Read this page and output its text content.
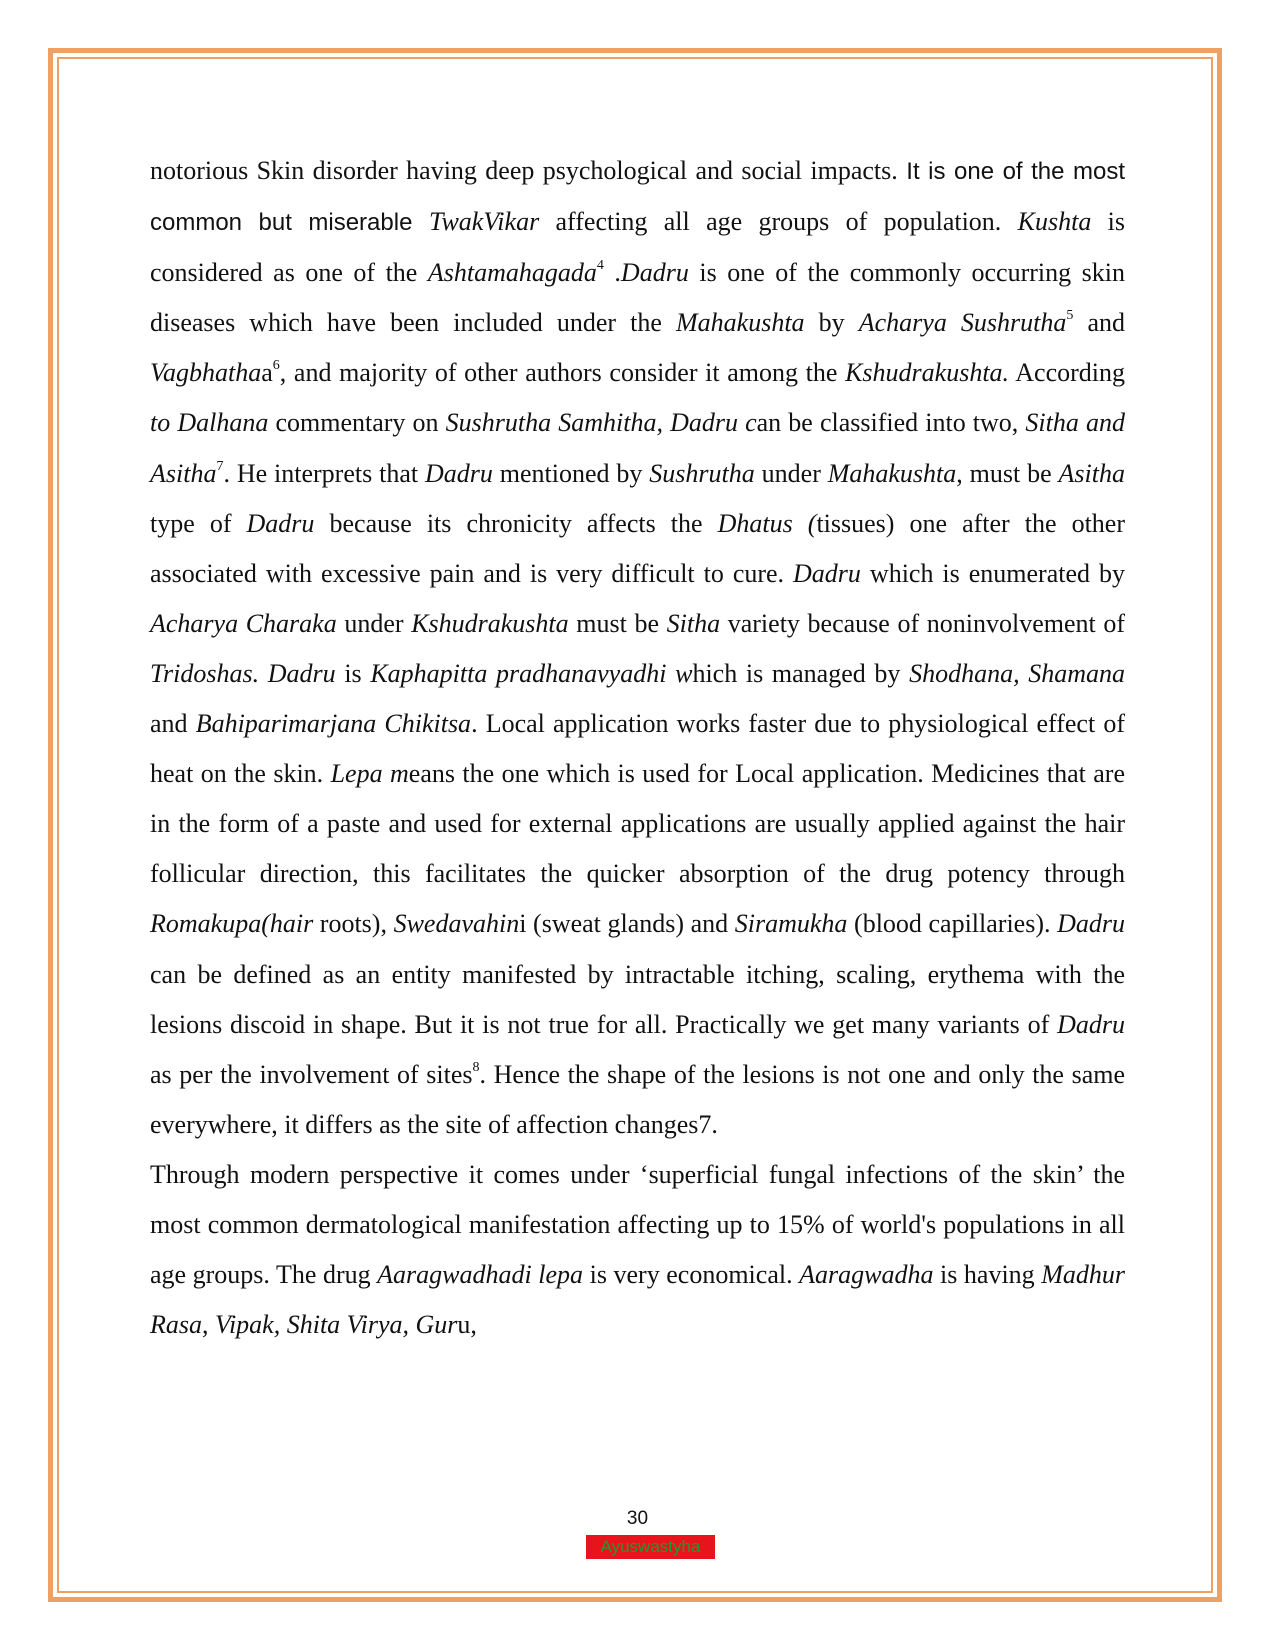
notorious Skin disorder having deep psychological and social impacts. It is one of the most common but miserable TwakVikar affecting all age groups of population. Kushta is considered as one of the Ashtamahagada$^4$ .Dadru is one of the commonly occurring skin diseases which have been included under the Mahakushta by Acharya Sushrutha$^5$ and Vagbhathaa$^6$, and majority of other authors consider it among the Kshudrakushta. According to Dalhana commentary on Sushrutha Samhitha, Dadru can be classified into two, Sitha and Asitha$^7$. He interprets that Dadru mentioned by Sushrutha under Mahakushta, must be Asitha type of Dadru because its chronicity affects the Dhatus (tissues) one after the other associated with excessive pain and is very difficult to cure. Dadru which is enumerated by Acharya Charaka under Kshudrakushta must be Sitha variety because of noninvolvement of Tridoshas. Dadru is Kaphapitta pradhanavyadhi which is managed by Shodhana, Shamana and Bahiparimarjana Chikitsa. Local application works faster due to physiological effect of heat on the skin. Lepa means the one which is used for Local application. Medicines that are in the form of a paste and used for external applications are usually applied against the hair follicular direction, this facilitates the quicker absorption of the drug potency through Romakupa(hair roots), Swedavahini (sweat glands) and Siramukha (blood capillaries). Dadru can be defined as an entity manifested by intractable itching, scaling, erythema with the lesions discoid in shape. But it is not true for all. Practically we get many variants of Dadru as per the involvement of sites$^8$. Hence the shape of the lesions is not one and only the same everywhere, it differs as the site of affection changes7.

Through modern perspective it comes under ‘superficial fungal infections of the skin’ the most common dermatological manifestation affecting up to 15% of world's populations in all age groups. The drug Aaragwadhadi lepa is very economical. Aaragwadha is having Madhur Rasa, Vipak, Shita Virya, Guru,

30
Ayuswastyha
